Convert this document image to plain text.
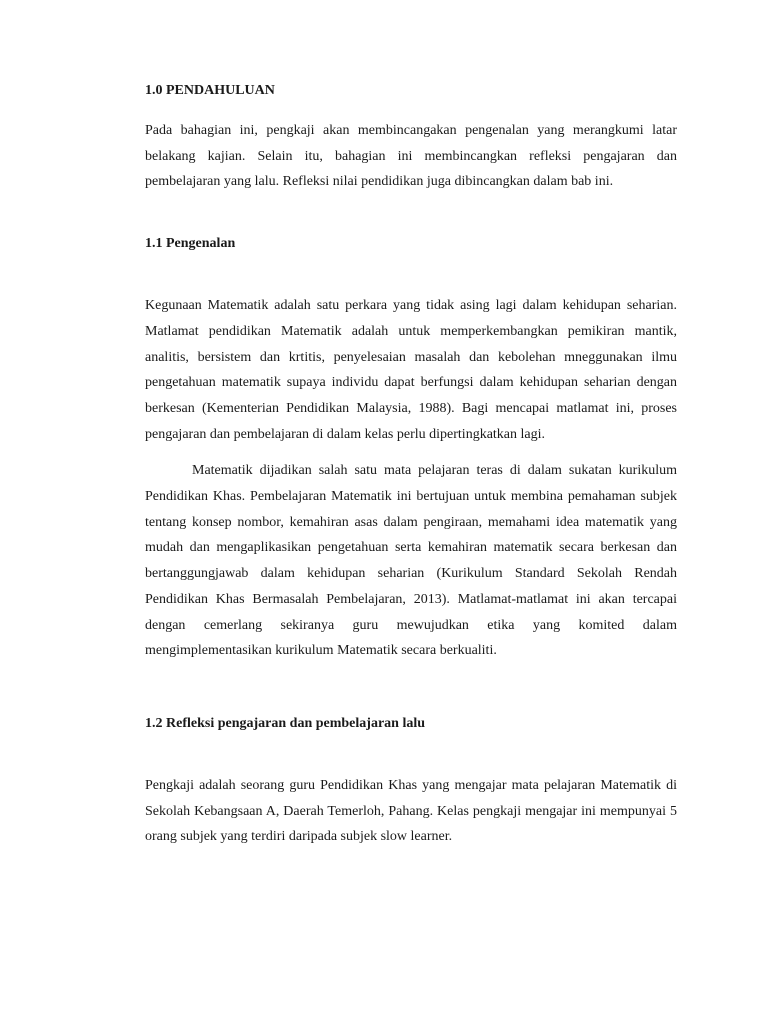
1.0 PENDAHULUAN

Pada bahagian ini, pengkaji akan membincangakan pengenalan yang merangkumi latar belakang kajian. Selain itu, bahagian ini membincangkan refleksi pengajaran dan pembelajaran yang lalu. Refleksi nilai pendidikan juga dibincangkan dalam bab ini.

1.1 Pengenalan

Kegunaan Matematik adalah satu perkara yang tidak asing lagi dalam kehidupan seharian. Matlamat pendidikan Matematik adalah untuk memperkembangkan pemikiran mantik, analitis, bersistem dan krtitis, penyelesaian masalah dan kebolehan mneggunakan ilmu pengetahuan matematik supaya individu dapat berfungsi dalam kehidupan seharian dengan berkesan (Kementerian Pendidikan Malaysia, 1988). Bagi mencapai matlamat ini, proses pengajaran dan pembelajaran di dalam kelas perlu dipertingkatkan lagi.

Matematik dijadikan salah satu mata pelajaran teras di dalam sukatan kurikulum Pendidikan Khas. Pembelajaran Matematik ini bertujuan untuk membina pemahaman subjek tentang konsep nombor, kemahiran asas dalam pengiraan, memahami idea matematik yang mudah dan mengaplikasikan pengetahuan serta kemahiran matematik secara berkesan dan bertanggungjawab dalam kehidupan seharian (Kurikulum Standard Sekolah Rendah Pendidikan Khas Bermasalah Pembelajaran, 2013). Matlamat-matlamat ini akan tercapai dengan cemerlang sekiranya guru mewujudkan etika yang komited dalam mengimplementasikan kurikulum Matematik secara berkualiti.

1.2 Refleksi pengajaran dan pembelajaran lalu

Pengkaji adalah seorang guru Pendidikan Khas yang mengajar mata pelajaran Matematik di Sekolah Kebangsaan A, Daerah Temerloh, Pahang. Kelas pengkaji mengajar ini mempunyai 5 orang subjek yang terdiri daripada subjek slow learner.
